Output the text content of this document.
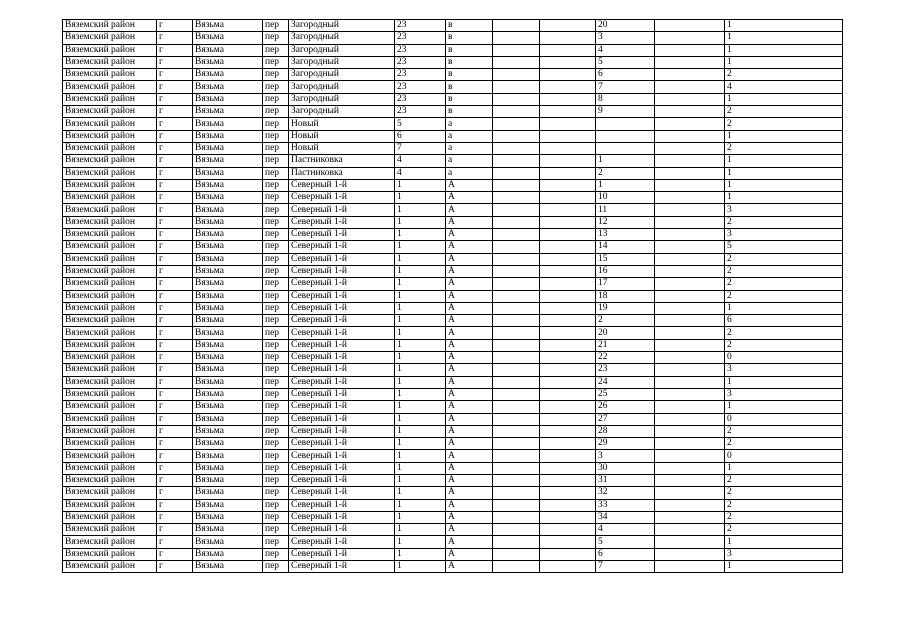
Вяземский район	г	Вязьма	пер	Загородный	23	в			20		1
Вяземский район	г	Вязьма	пер	Загородный	23	в			3		1
Вяземский район	г	Вязьма	пер	Загородный	23	в			4		1
Вяземский район	г	Вязьма	пер	Загородный	23	в			5		1
Вяземский район	г	Вязьма	пер	Загородный	23	в			6		2
Вяземский район	г	Вязьма	пер	Загородный	23	в			7		4
Вяземский район	г	Вязьма	пер	Загородный	23	в			8		1
Вяземский район	г	Вязьма	пер	Загородный	23	в			9		2
Вяземский район	г	Вязьма	пер	Новый	5	а					2
Вяземский район	г	Вязьма	пер	Новый	6	а					1
Вяземский район	г	Вязьма	пер	Новый	7	а					2
Вяземский район	г	Вязьма	пер	Пастниковка	4	а			1		1
Вяземский район	г	Вязьма	пер	Пастниковка	4	а			2		1
Вяземский район	г	Вязьма	пер	Северный 1-й	1	А			1		1
Вяземский район	г	Вязьма	пер	Северный 1-й	1	А			10		1
Вяземский район	г	Вязьма	пер	Северный 1-й	1	А			11		3
Вяземский район	г	Вязьма	пер	Северный 1-й	1	А			12		2
Вяземский район	г	Вязьма	пер	Северный 1-й	1	А			13		3
Вяземский район	г	Вязьма	пер	Северный 1-й	1	А			14		5
Вяземский район	г	Вязьма	пер	Северный 1-й	1	А			15		2
Вяземский район	г	Вязьма	пер	Северный 1-й	1	А			16		2
Вяземский район	г	Вязьма	пер	Северный 1-й	1	А			17		2
Вяземский район	г	Вязьма	пер	Северный 1-й	1	А			18		2
Вяземский район	г	Вязьма	пер	Северный 1-й	1	А			19		1
Вяземский район	г	Вязьма	пер	Северный 1-й	1	А			2		6
Вяземский район	г	Вязьма	пер	Северный 1-й	1	А			20		2
Вяземский район	г	Вязьма	пер	Северный 1-й	1	А			21		2
Вяземский район	г	Вязьма	пер	Северный 1-й	1	А			22		0
Вяземский район	г	Вязьма	пер	Северный 1-й	1	А			23		3
Вяземский район	г	Вязьма	пер	Северный 1-й	1	А			24		1
Вяземский район	г	Вязьма	пер	Северный 1-й	1	А			25		3
Вяземский район	г	Вязьма	пер	Северный 1-й	1	А			26		1
Вяземский район	г	Вязьма	пер	Северный 1-й	1	А			27		0
Вяземский район	г	Вязьма	пер	Северный 1-й	1	А			28		2
Вяземский район	г	Вязьма	пер	Северный 1-й	1	А			29		2
Вяземский район	г	Вязьма	пер	Северный 1-й	1	А			3		0
Вяземский район	г	Вязьма	пер	Северный 1-й	1	А			30		1
Вяземский район	г	Вязьма	пер	Северный 1-й	1	А			31		2
Вяземский район	г	Вязьма	пер	Северный 1-й	1	А			32		2
Вяземский район	г	Вязьма	пер	Северный 1-й	1	А			33		2
Вяземский район	г	Вязьма	пер	Северный 1-й	1	А			34		2
Вяземский район	г	Вязьма	пер	Северный 1-й	1	А			4		2
Вяземский район	г	Вязьма	пер	Северный 1-й	1	А			5		1
Вяземский район	г	Вязьма	пер	Северный 1-й	1	А			6		3
Вяземский район	г	Вязьма	пер	Северный 1-й	1	А			7		1
